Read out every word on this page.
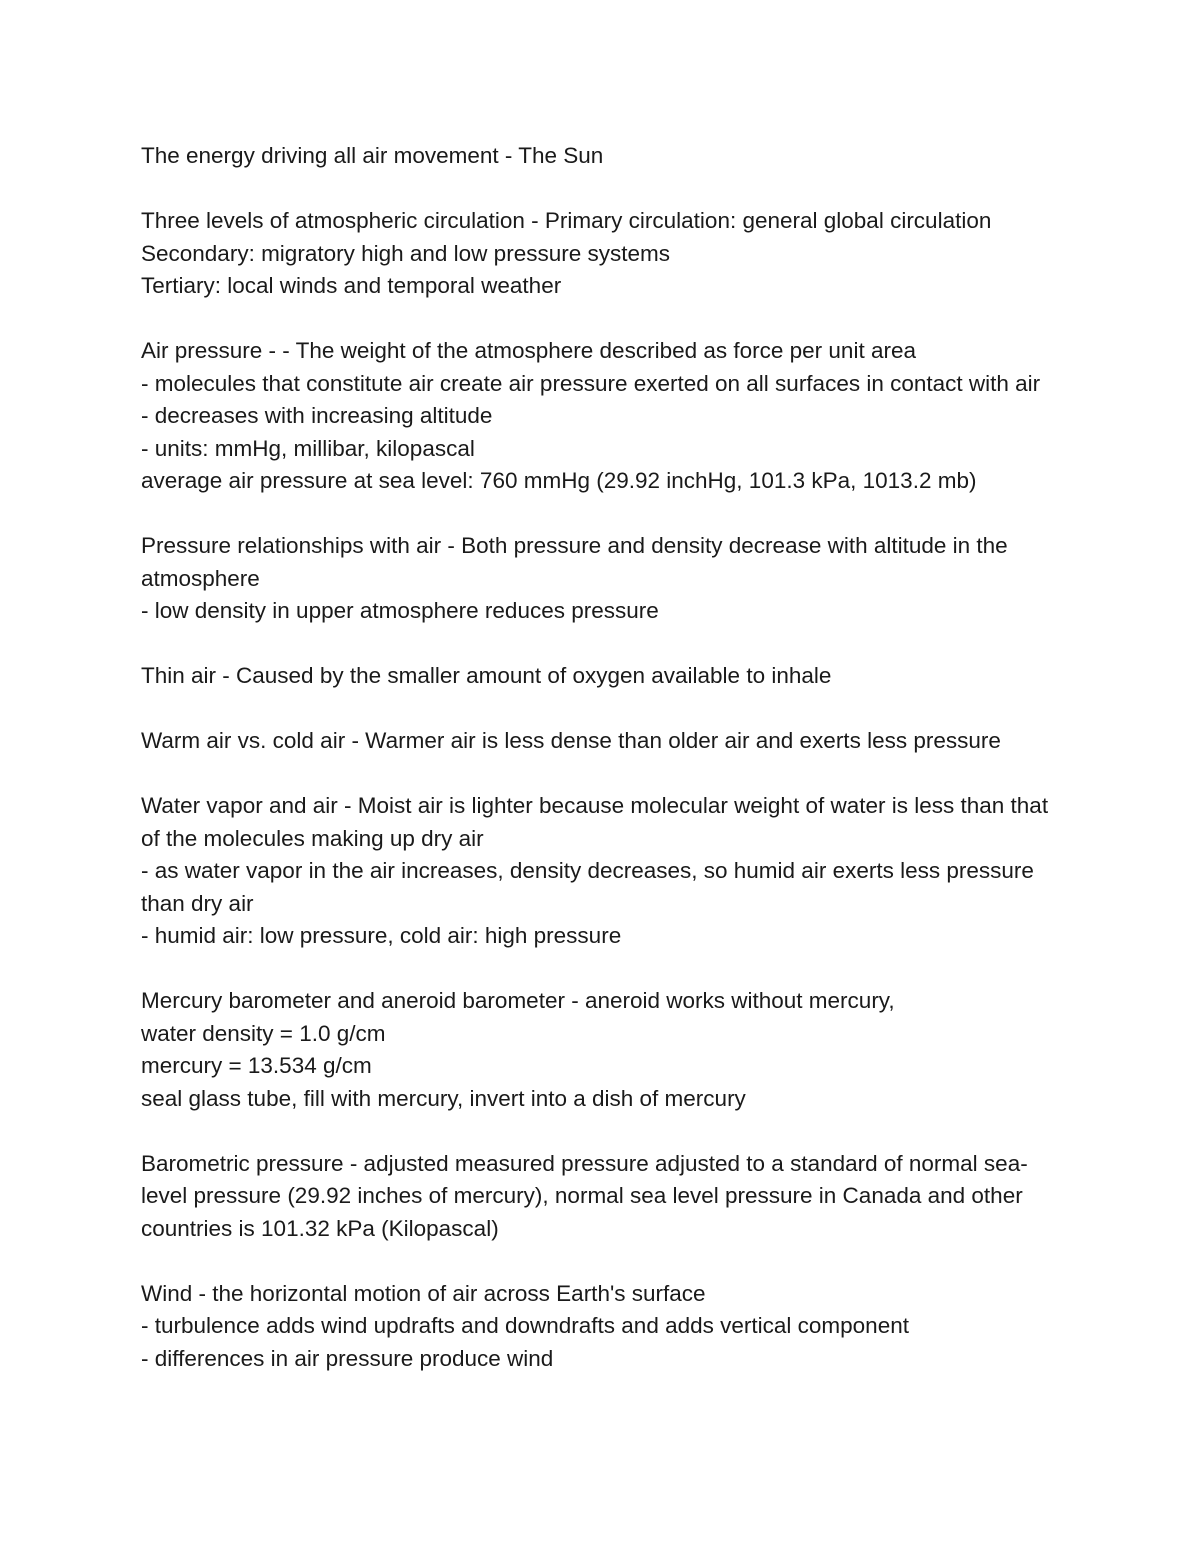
The energy driving all air movement - The Sun
Three levels of atmospheric circulation - Primary circulation: general global circulation
Secondary: migratory high and low pressure systems
Tertiary: local winds and temporal weather
Air pressure - - The weight of the atmosphere described as force per unit area
- molecules that constitute air create air pressure exerted on all surfaces in contact with air
- decreases with increasing altitude
- units: mmHg, millibar, kilopascal
average air pressure at sea level: 760 mmHg (29.92 inchHg, 101.3 kPa, 1013.2 mb)
Pressure relationships with air - Both pressure and density decrease with altitude in the atmosphere
- low density in upper atmosphere reduces pressure
Thin air - Caused by the smaller amount of oxygen available to inhale
Warm air vs. cold air - Warmer air is less dense than older air and exerts less pressure
Water vapor and air - Moist air is lighter because molecular weight of water is less than that of the molecules making up dry air
- as water vapor in the air increases, density decreases, so humid air exerts less pressure than dry air
- humid air: low pressure, cold air: high pressure
Mercury barometer and aneroid barometer - aneroid works without mercury,
water density = 1.0 g/cm
mercury = 13.534 g/cm
seal glass tube, fill with mercury, invert into a dish of mercury
Barometric pressure - adjusted measured pressure adjusted to a standard of normal sea-level pressure (29.92 inches of mercury), normal sea level pressure in Canada and other countries is 101.32 kPa (Kilopascal)
Wind - the horizontal motion of air across Earth's surface
- turbulence adds wind updrafts and downdrafts and adds vertical component
- differences in air pressure produce wind
